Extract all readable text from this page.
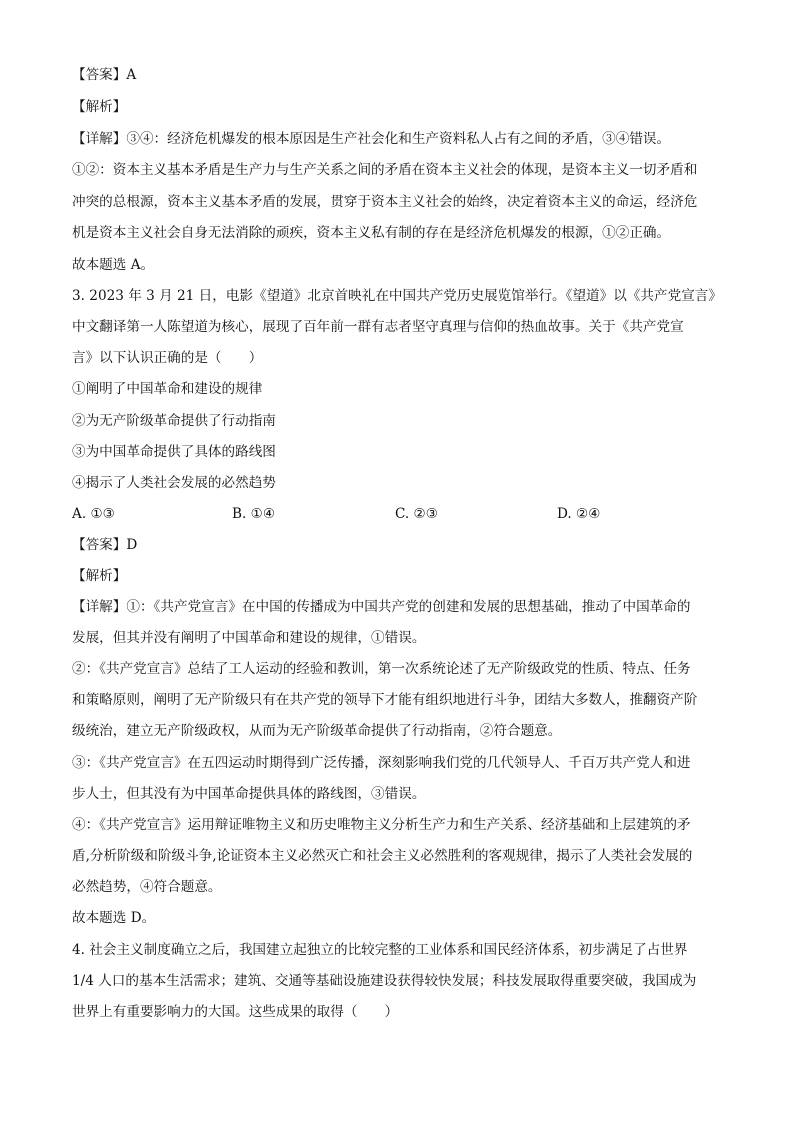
【答案】A
【解析】
【详解】③④：经济危机爆发的根本原因是生产社会化和生产资料私人占有之间的矛盾，③④错误。
①②：资本主义基本矛盾是生产力与生产关系之间的矛盾在资本主义社会的体现，是资本主义一切矛盾和
冲突的总根源，资本主义基本矛盾的发展，贯穿于资本主义社会的始终，决定着资本主义的命运，经济危
机是资本主义社会自身无法消除的顽疾，资本主义私有制的存在是经济危机爆发的根源，①②正确。
故本题选 A。
3. 2023 年 3 月 21 日，电影《望道》北京首映礼在中国共产党历史展览馆举行。《望道》以《共产党宣言》
中文翻译第一人陈望道为核心，展现了百年前一群有志者坚守真理与信仰的热血故事。关于《共产党宣
言》以下认识正确的是（　　）
①阐明了中国革命和建设的规律
②为无产阶级革命提供了行动指南
③为中国革命提供了具体的路线图
④揭示了人类社会发展的必然趋势
A. ①③	B. ①④	C. ②③	D. ②④
【答案】D
【解析】
【详解】①：《共产党宣言》在中国的传播成为中国共产党的创建和发展的思想基础，推动了中国革命的
发展，但其并没有阐明了中国革命和建设的规律，①错误。
②：《共产党宣言》总结了工人运动的经验和教训，第一次系统论述了无产阶级政党的性质、特点、任务
和策略原则，阐明了无产阶级只有在共产党的领导下才能有组织地进行斗争，团结大多数人，推翻资产阶
级统治，建立无产阶级政权，从而为无产阶级革命提供了行动指南，②符合题意。
③：《共产党宣言》在五四运动时期得到广泛传播，深刻影响我们党的几代领导人、千百万共产党人和进
步人士，但其没有为中国革命提供具体的路线图，③错误。
④：《共产党宣言》运用辩证唯物主义和历史唯物主义分析生产力和生产关系、经济基础和上层建筑的矛
盾,分析阶级和阶级斗争,论证资本主义必然灭亡和社会主义必然胜利的客观规律，揭示了人类社会发展的
必然趋势，④符合题意。
故本题选 D。
4. 社会主义制度确立之后，我国建立起独立的比较完整的工业体系和国民经济体系，初步满足了占世界
1/4 人口的基本生活需求；建筑、交通等基础设施建设获得较快发展；科技发展取得重要突破，我国成为
世界上有重要影响力的大国。这些成果的取得（　　）
